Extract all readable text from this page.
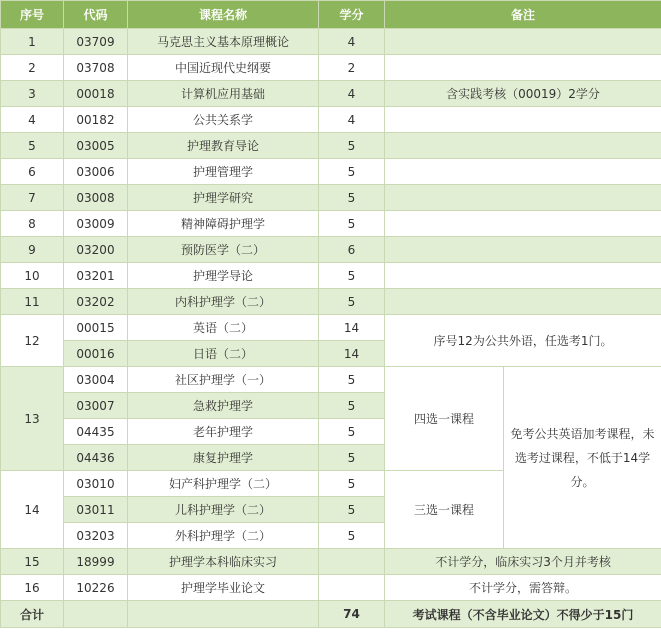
序号	代码	课程名称	学分	备注	
1	03709	马克思主义基本原理概论	4		
2	03708	中国近现代史纲要	2		
3	00018	计算机应用基础	4	含实践考核（00019）2学分	
4	00182	公共关系学	4		
5	03005	护理教育导论	5		
6	03006	护理管理学	5		
7	03008	护理学研究	5		
8	03009	精神障碍护理学	5		
9	03200	预防医学（二）	6		
10	03201	护理学导论	5		
11	03202	内科护理学（二）	5		
12	00015	英语（二）	14	序号12为公共外语，任选考1门。	
	00016	日语（二）	14		
13	03004	社区护理学（一）	5	四选一课程	免考公共英语加考课程，未选考过课程，不低于14学分。
	03007	急救护理学	5		
	04435	老年护理学	5		
	04436	康复护理学	5		
14	03010	妇产科护理学（二）	5	三选一课程	
	03011	儿科护理学（二）	5		
	03203	外科护理学（二）	5		
15	18999	护理学本科临床实习		不计学分，临床实习3个月并考核	
16	10226	护理学毕业论文		不计学分，需答辩。	
合计			74	考试课程（不含毕业论文）不得少于15门	
